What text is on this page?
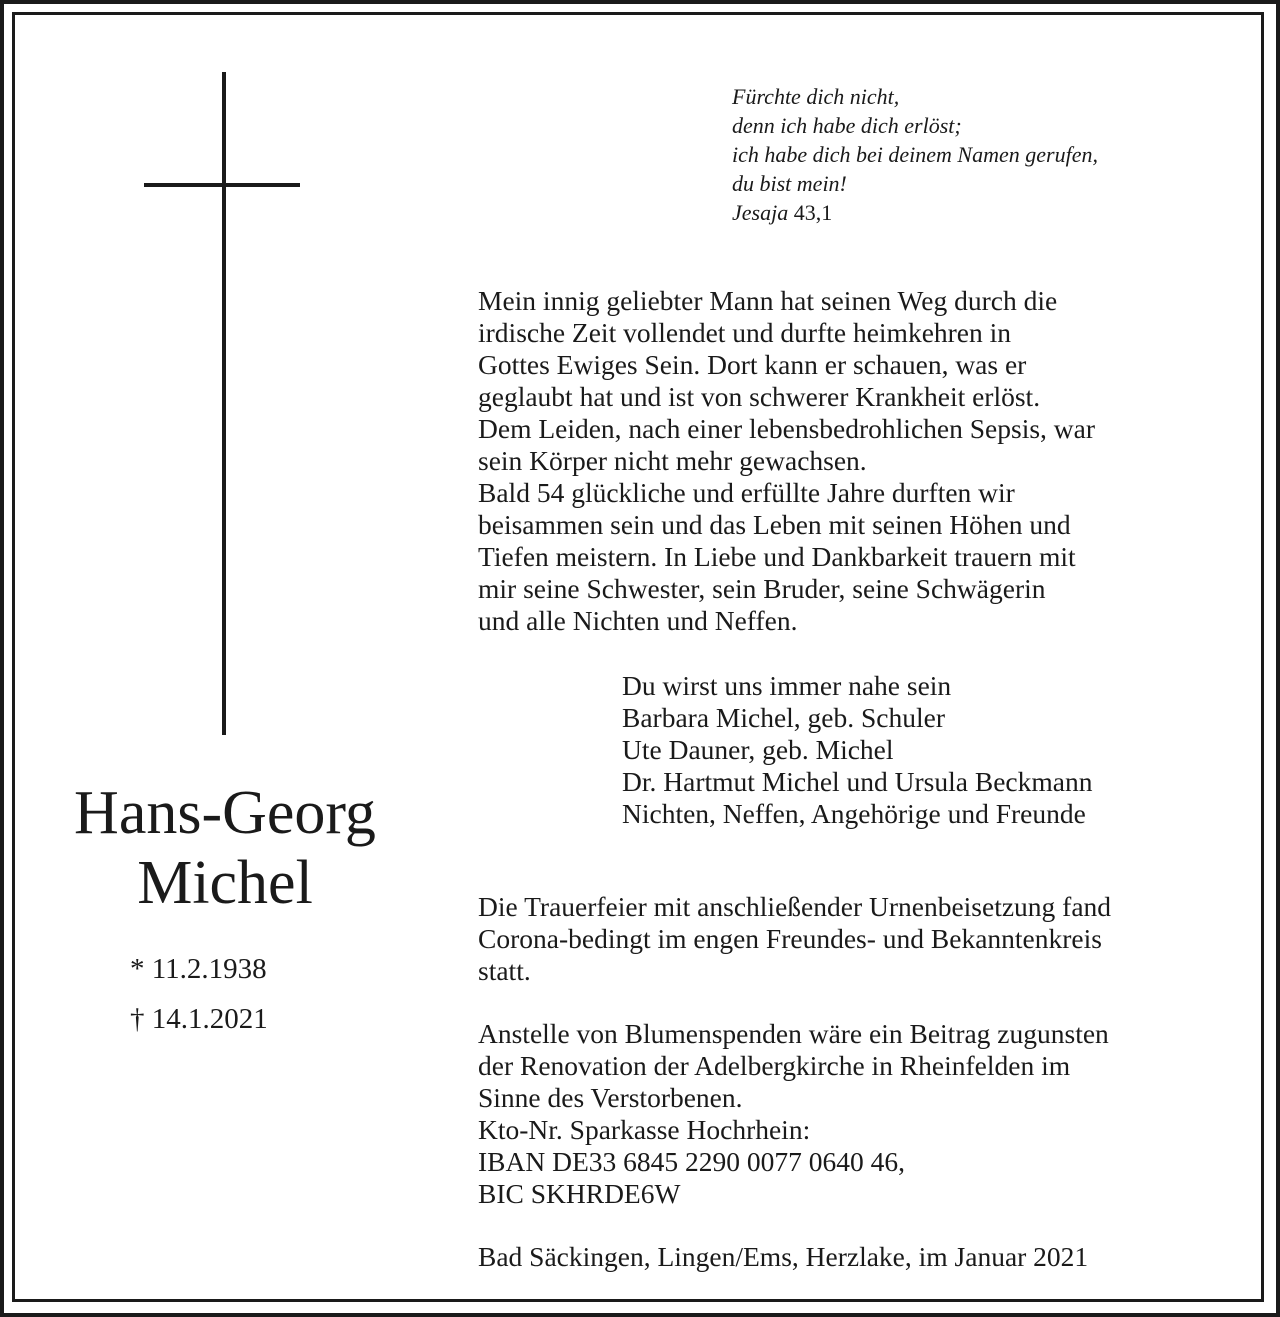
Fürchte dich nicht,
denn ich habe dich erlöst;
ich habe dich bei deinem Namen gerufen,
du bist mein!
Jesaja 43,1
Hans-Georg
Michel
* 11.2.1938
† 14.1.2021
Mein innig geliebter Mann hat seinen Weg durch die
irdische Zeit vollendet und durfte heimkehren in
Gottes Ewiges Sein. Dort kann er schauen, was er
geglaubt hat und ist von schwerer Krankheit erlöst.
Dem Leiden, nach einer lebensbedrohlichen Sepsis, war
sein Körper nicht mehr gewachsen.
Bald 54 glückliche und erfüllte Jahre durften wir
beisammen sein und das Leben mit seinen Höhen und
Tiefen meistern. In Liebe und Dankbarkeit trauern mit
mir seine Schwester, sein Bruder, seine Schwägerin
und alle Nichten und Neffen.
Du wirst uns immer nahe sein
Barbara Michel, geb. Schuler
Ute Dauner, geb. Michel
Dr. Hartmut Michel und Ursula Beckmann
Nichten, Neffen, Angehörige und Freunde
Die Trauerfeier mit anschließender Urnenbeisetzung fand
Corona-bedingt im engen Freundes- und Bekanntenkreis
statt.
Anstelle von Blumenspenden wäre ein Beitrag zugunsten
der Renovation der Adelbergkirche in Rheinfelden im
Sinne des Verstorbenen.
Kto-Nr. Sparkasse Hochrhein:
IBAN DE33 6845 2290 0077 0640 46,
BIC SKHRDE6W
Bad Säckingen, Lingen/Ems, Herzlake, im Januar 2021
